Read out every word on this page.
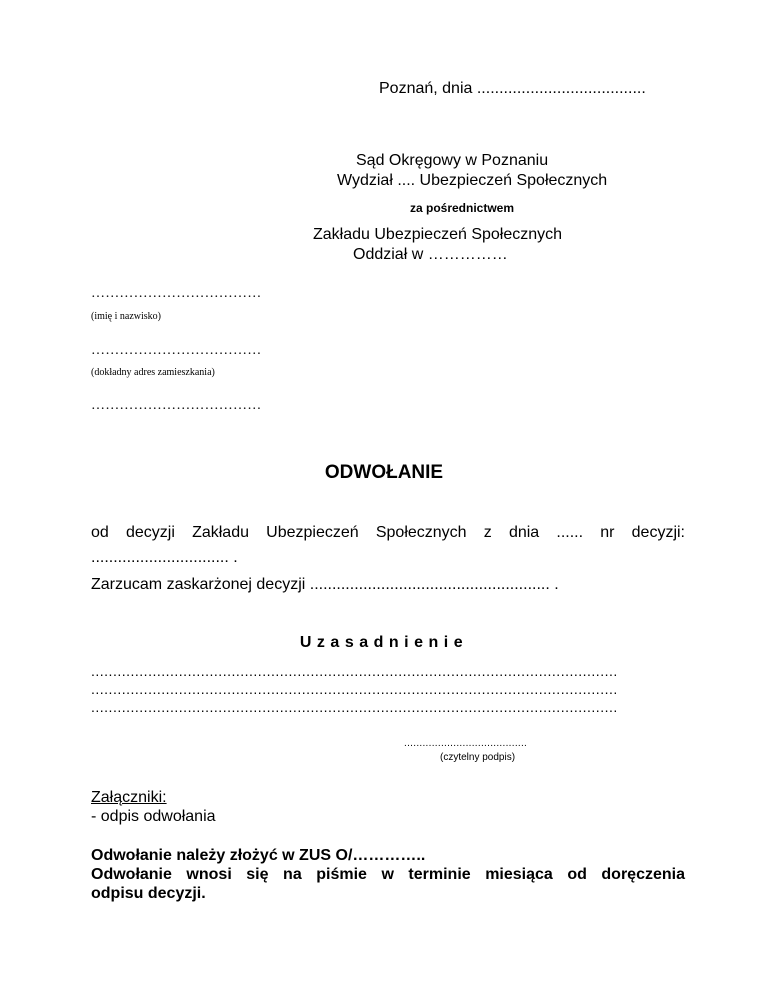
Poznań, dnia ......................................

Sąd Okręgowy w Poznaniu

Wydział .... Ubezpieczeń Społecznych

za pośrednictwem

Zakładu Ubezpieczeń Społecznych

Oddział w ……………

………………………………

(imię i nazwisko)

………………………………

(dokładny adres zamieszkania)

………………………………

ODWOŁANIE

od decyzji Zakładu Ubezpieczeń Społecznych z dnia ...... nr decyzji:

............................... .

Zarzucam zaskarżonej decyzji ...................................................... .

Uzasadnienie

........................................................................................................................

........................................................................................................................

........................................................................................................................

........................................

(czytelny podpis)

Załączniki:

- odpis odwołania

Odwołanie należy złożyć w ZUS O/…………..

Odwołanie wnosi się na piśmie w terminie miesiąca od doręczenia

odpisu decyzji.
